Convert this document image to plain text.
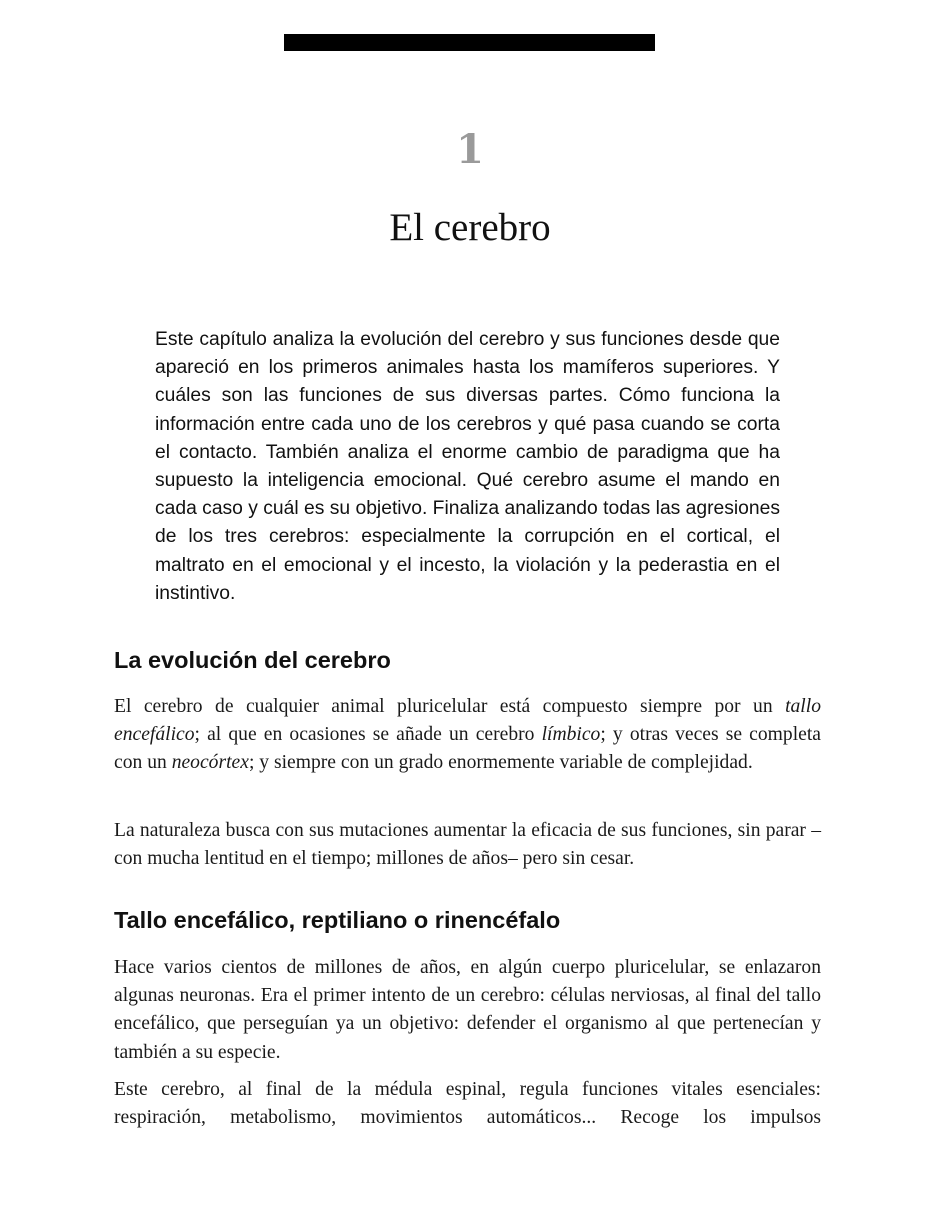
1
El cerebro

Este capítulo analiza la evolución del cerebro y sus funciones desde que apareció en los primeros animales hasta los mamíferos superiores. Y cuáles son las funciones de sus diversas partes. Cómo funciona la información entre cada uno de los cerebros y qué pasa cuando se corta el contacto. También analiza el enorme cambio de paradigma que ha supuesto la inteligencia emocional. Qué cerebro asume el mando en cada caso y cuál es su objetivo. Finaliza analizando todas las agresiones de los tres cerebros: especialmente la corrupción en el cortical, el maltrato en el emocional y el incesto, la violación y la pederastia en el instintivo.

La evolución del cerebro

El cerebro de cualquier animal pluricelular está compuesto siempre por un tallo encefálico; al que en ocasiones se añade un cerebro límbico; y otras veces se completa con un neocórtex; y siempre con un grado enormemente variable de complejidad.

La naturaleza busca con sus mutaciones aumentar la eficacia de sus funciones, sin parar –con mucha lentitud en el tiempo; millones de años– pero sin cesar.

Tallo encefálico, reptiliano o rinencéfalo

Hace varios cientos de millones de años, en algún cuerpo pluricelular, se enlazaron algunas neuronas. Era el primer intento de un cerebro: células nerviosas, al final del tallo encefálico, que perseguían ya un objetivo: defender el organismo al que pertenecían y también a su especie.

Este cerebro, al final de la médula espinal, regula funciones vitales esenciales: respiración, metabolismo, movimientos automáticos... Recoge los impulsos
